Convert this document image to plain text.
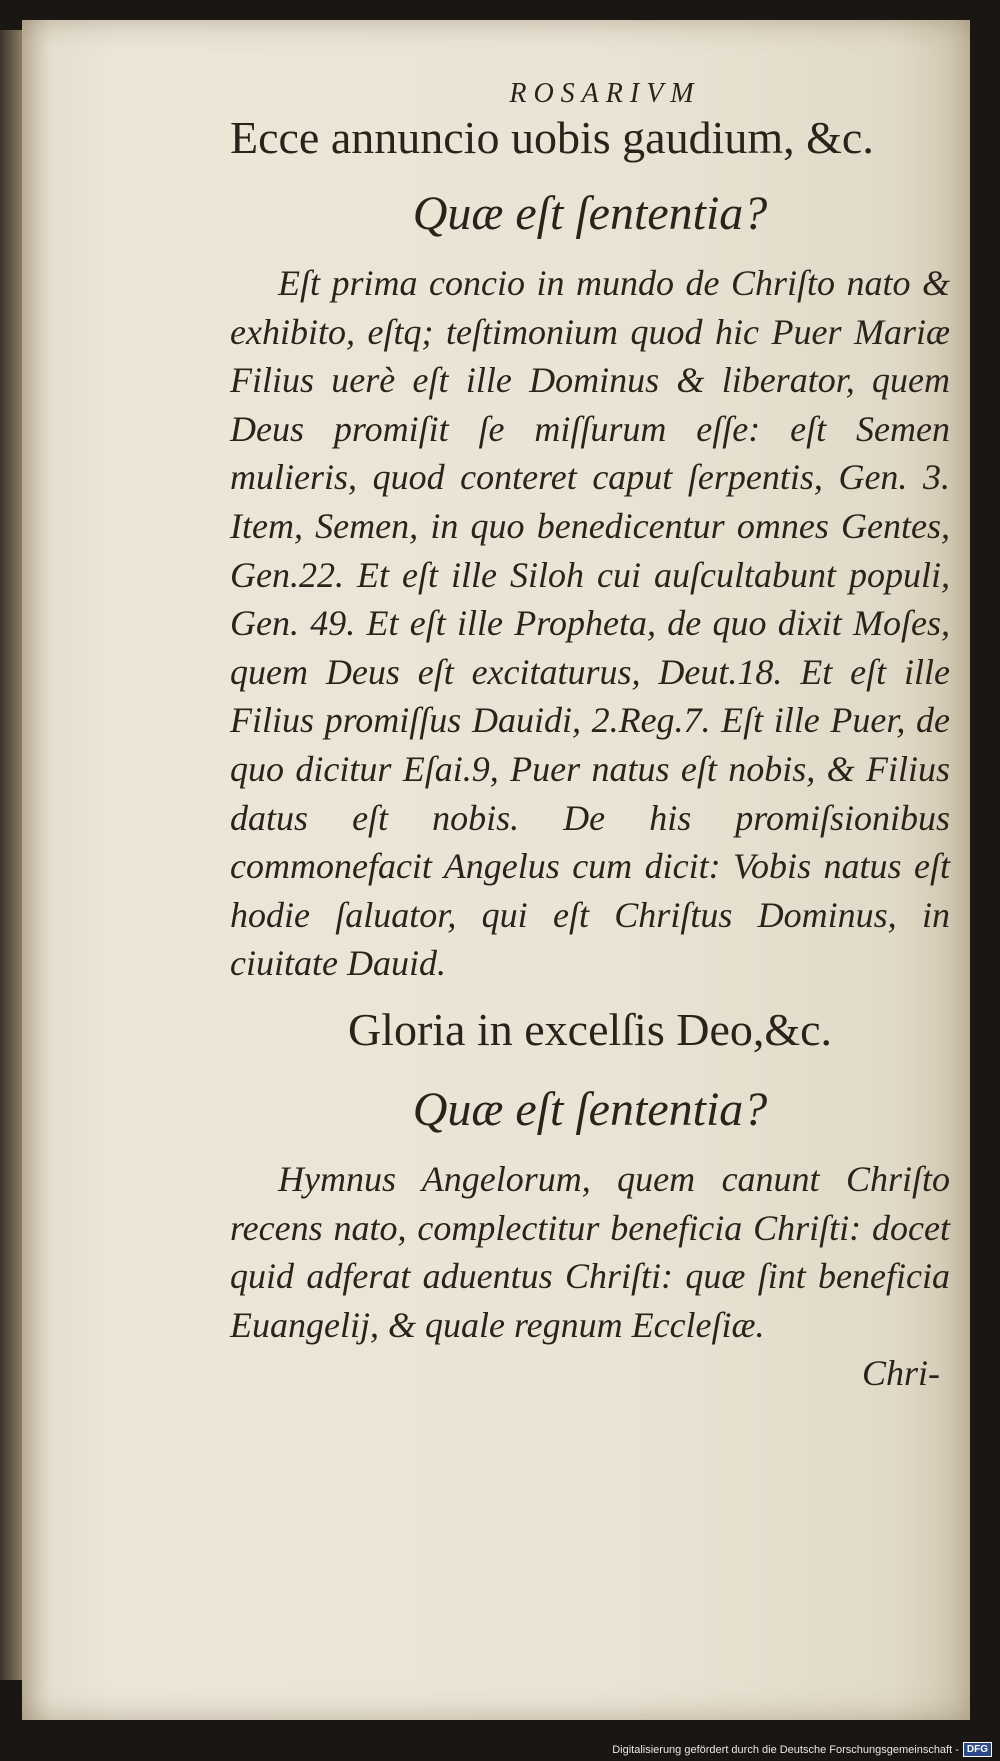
ROSARIVM

Ecce annuncio uobis gaudium, &c.

Quæ eſt ſententia?

Eſt prima concio in mundo de Chriſto nato & exhibito, eſtq; teſtimonium quod hic Puer Mariæ Filius uerè eſt ille Dominus & liberator, quem Deus promiſit ſe miſſurum eſſe: eſt Semen mulieris, quod conteret caput ſerpentis, Gen. 3. Item, Semen, in quo benedicentur omnes Gentes, Gen.22. Et eſt ille Siloh cui auſcultabunt populi, Gen. 49. Et eſt ille Propheta, de quo dixit Moſes, quem Deus eſt excitaturus, Deut.18. Et eſt ille Filius promiſſus Dauidi, 2.Reg.7. Eſt ille Puer, de quo dicitur Eſai.9, Puer natus eſt nobis, & Filius datus eſt nobis. De his promiſsionibus commonefacit Angelus cum dicit: Vobis natus eſt hodie ſaluator, qui eſt Chriſtus Dominus, in ciuitate Dauid.

Gloria in excelſis Deo,&c.
Quæ eſt ſententia?

Hymnus Angelorum, quem canunt Chriſto recens nato, complectitur beneficia Chriſti: docet quid adferat aduentus Chriſti: quæ ſint beneficia Euangelij, & quale regnum Eccleſiæ.

Chri-
Digitalisierung gefördert durch die Deutsche Forschungsgemeinschaft - DFG
